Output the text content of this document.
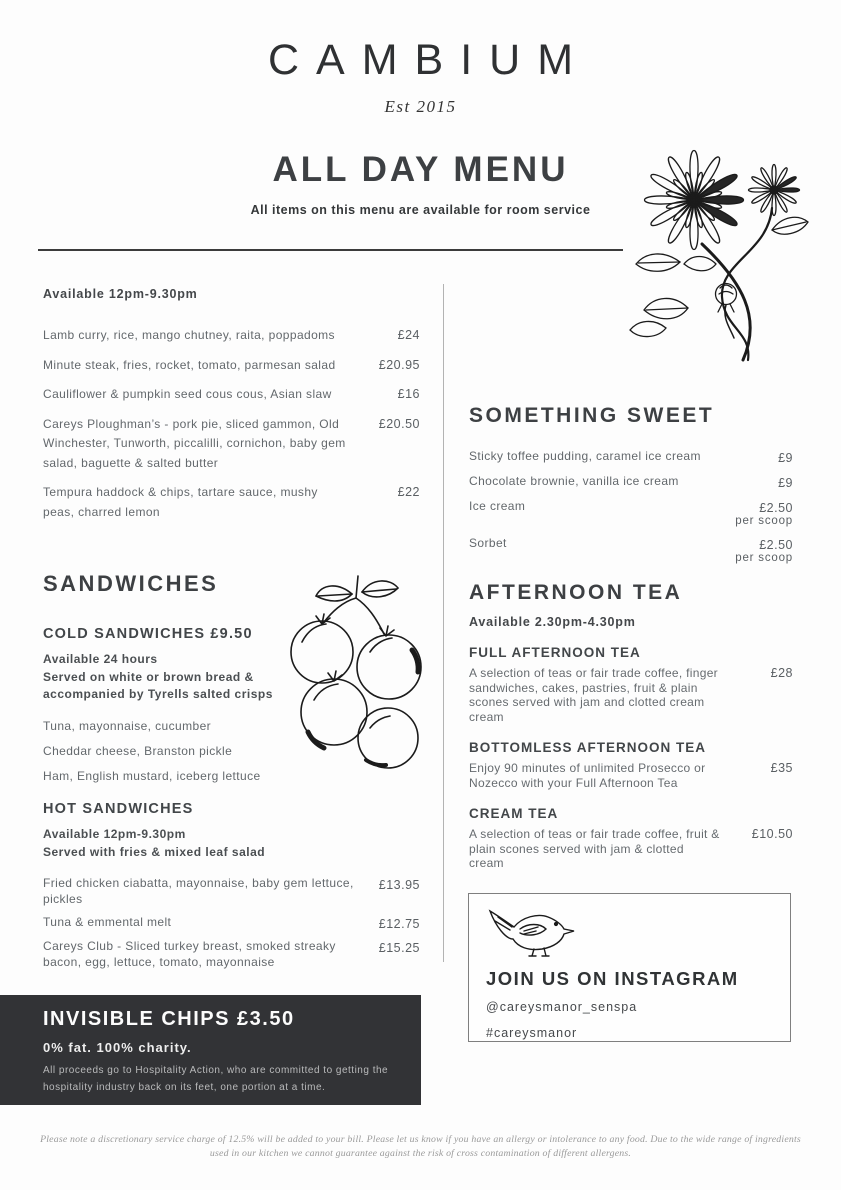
CAMBIUM
Est 2015
ALL DAY MENU
All items on this menu are available for room service
Available 12pm-9.30pm
Lamb curry, rice, mango chutney, raita, poppadoms	£24
Minute steak, fries, rocket, tomato, parmesan salad	£20.95
Cauliflower & pumpkin seed cous cous, Asian slaw	£16
Careys Ploughman’s - pork pie, sliced gammon, Old Winchester, Tunworth, piccalilli, cornichon, baby gem salad, baguette & salted butter
£20.50
Tempura haddock & chips, tartare sauce, mushy peas, charred lemon
£22
SANDWICHES
COLD SANDWICHES £9.50
Available 24 hours
Served on white or brown bread &
accompanied by Tyrells salted crisps
Tuna, mayonnaise, cucumber
Cheddar cheese, Branston pickle
Ham, English mustard, iceberg lettuce
HOT SANDWICHES
Available 12pm-9.30pm
Served with fries & mixed leaf salad
Fried chicken ciabatta, mayonnaise, baby gem lettuce, pickles
£13.95
Tuna & emmental melt	£12.75
Careys Club - Sliced turkey breast, smoked streaky bacon, egg, lettuce, tomato, mayonnaise
£15.25
INVISIBLE CHIPS £3.50
0% fat. 100% charity.
All proceeds go to Hospitality Action, who are committed to getting the hospitality industry back on its feet, one portion at a time.
SOMETHING SWEET
Sticky toffee pudding, caramel ice cream	£9
Chocolate brownie, vanilla ice cream	£9
Ice cream	£2.50
per scoop
Sorbet	£2.50
per scoop
AFTERNOON TEA
Available 2.30pm-4.30pm
FULL AFTERNOON TEA
A selection of teas or fair trade coffee, finger sandwiches, cakes, pastries, fruit & plain scones served with jam and clotted cream cream
£28
BOTTOMLESS AFTERNOON TEA
Enjoy 90 minutes of unlimited Prosecco or Nozecco with your Full Afternoon Tea
£35
CREAM TEA
A selection of teas or fair trade coffee, fruit & plain scones served with jam & clotted cream
£10.50
JOIN US ON INSTAGRAM
@careysmanor_senspa
#careysmanor
Please note a discretionary service charge of 12.5% will be added to your bill. Please let us know if you have an allergy or intolerance to any food. Due to the wide range of ingredients used in our kitchen we cannot guarantee against the risk of cross contamination of different allergens.
